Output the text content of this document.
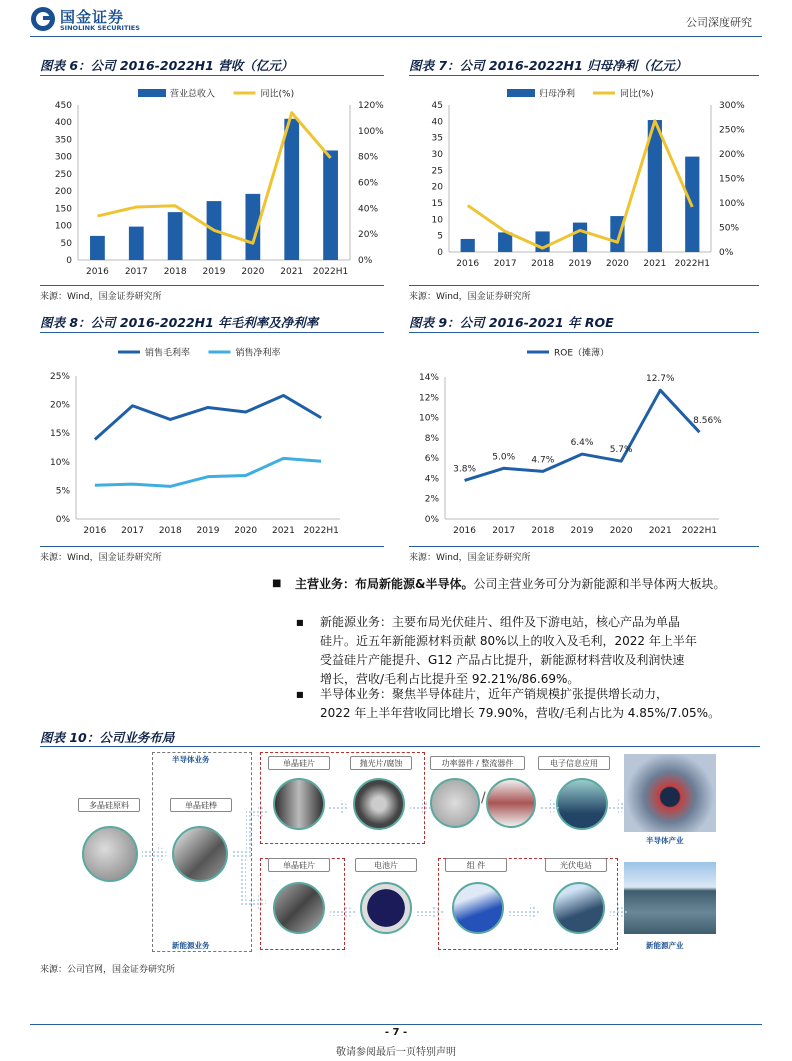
国金证券
SINOLINK SECURITIES	公司深度研究
图表 6：公司 2016-2022H1 营收（亿元）	图表 7：公司 2016-2022H1 归母净利（亿元）
0
50
100
150
200
250
300
350
400
450
0%
20%
40%
60%
80%
100%
120%
2016 2017 2018 2019 2020 2021 2022H1
营业总收入	同比(%)
0
5
10
15
20
25
30
35
40
45
0%
50%
100%
150%
200%
250%
300%
2016 2017 2018 2019 2020 2021 2022H1
归母净利	同比(%)
来源：Wind，国金证券研究所	来源：Wind，国金证券研究所
图表 8：公司 2016-2022H1 年毛利率及净利率	图表 9：公司 2016-2021 年 ROE
0%
5%
10%
15%
20%
25%
2016 2017 2018 2019 2020 2021 2022H1
销售毛利率	销售净利率
0%
2%
4%
6%
8%
10%
12%
14%
2016 2017 2018 2019 2020 2021 2022H1
ROE（摊薄）
3.8%
5.0% 4.7%
6.4%
5.7%
12.7%
8.56%
来源：Wind，国金证券研究所	来源：Wind，国金证券研究所
■ 主营业务：布局新能源&半导体。公司主营业务可分为新能源和半导体两大板块。
■ 新能源业务：主要布局光伏硅片、组件及下游电站，核心产品为单晶
硅片。近五年新能源材料贡献 80%以上的收入及毛利，2022 年上半年
受益硅片产能提升、G12 产品占比提升，新能源材料营收及利润快速
增长，营收/毛利占比提升至 92.21%/86.69%。
■ 半导体业务：聚焦半导体硅片，近年产销规模扩张提供增长动力，
2022 年上半年营收同比增长 79.90%，营收/毛利占比为 4.85%/7.05%。
图表 10：公司业务布局
半导体业务
新能源业务
多晶硅原料	单晶硅棒
单晶硅片	抛光片/腐蚀	功率器件 / 整流器件	电子信息应用
单晶硅片	电池片	组 件	光伏电站
/
半导体产业
新能源产业
来源：公司官网，国金证券研究所
- 7 -
敬请参阅最后一页特别声明
